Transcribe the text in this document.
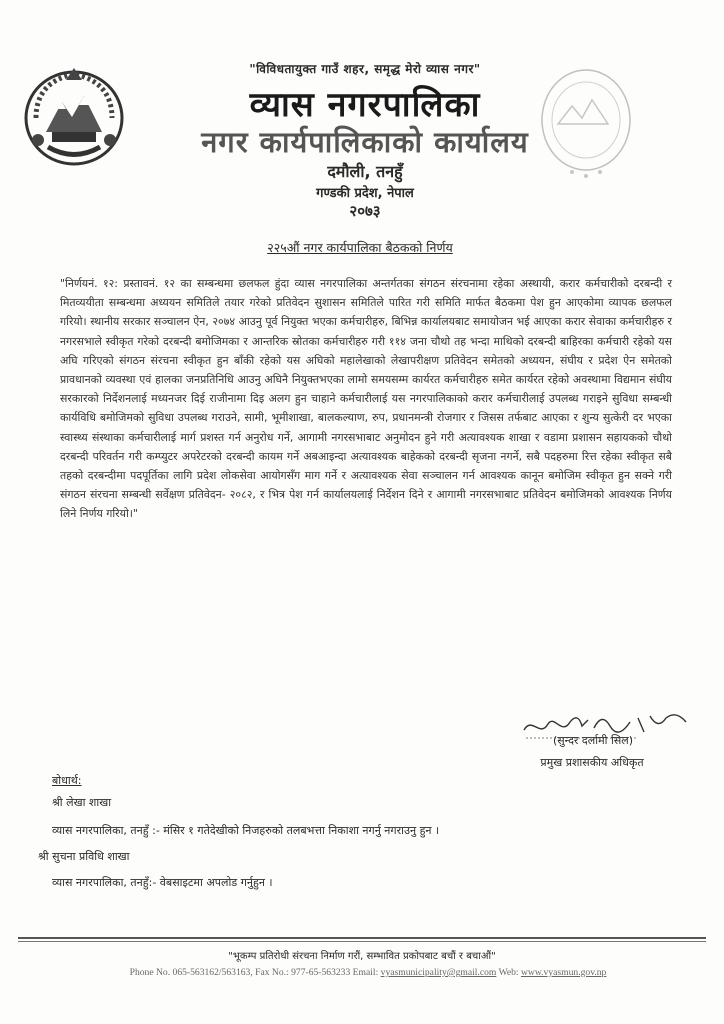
"विविधतायुक्त गाउँ शहर, समृद्ध मेरो व्यास नगर"
व्यास नगरपालिका
नगर कार्यपालिकाको कार्यालय
दमौली, तनहुँ
गण्डकी प्रदेश, नेपाल
२०७३
२२५औं नगर कार्यपालिका बैठकको निर्णय
"निर्णयनं. १२: प्रस्तावनं. १२ का सम्बन्धमा छलफल हुंदा व्यास नगरपालिका अन्तर्गतका संगठन संरचनामा रहेका अस्थायी, करार कर्मचारीको दरबन्दी र मितव्ययीता सम्बन्धमा अध्ययन समितिले तयार गरेको प्रतिवेदन सुशासन समितिले पारित गरी समिति मार्फत बैठकमा पेश हुन आएकोमा व्यापक छलफल गरियो। स्थानीय सरकार सञ्चालन ऐन, २०७४ आउनु पूर्व नियुक्त भएका कर्मचारीहरु, बिभिन्न कार्यालयबाट समायोजन भई आएका करार सेवाका कर्मचारीहरु र नगरसभाले स्वीकृत गरेको दरबन्दी बमोजिमका र आन्तरिक स्रोतका कर्मचारीहरु गरी ११४ जना चौथो तह भन्दा माथिको दरबन्दी बाहिरका कर्मचारी रहेको यस अघि गरिएको संगठन संरचना स्वीकृत हुन बाँकी रहेको यस अघिको महालेखाको लेखापरीक्षण प्रतिवेदन समेतको अध्ययन, संघीय र प्रदेश ऐन समेतको प्रावधानको व्यवस्था एवं हालका जनप्रतिनिधि आउनु अघिनै नियुक्तभएका लामो समयसम्म कार्यरत कर्मचारीहरु समेत कार्यरत रहेको अवस्थामा विद्यमान संघीय सरकारको निर्देशनलाई मध्यनजर दिई राजीनामा दिइ अलग हुन चाहाने कर्मचारीलाई यस नगरपालिकाको करार कर्मचारीलाई उपलब्ध गराइने सुविधा सम्बन्धी कार्यविधि बमोजिमको सुविधा उपलब्ध गराउने, सामी, भूमीशाखा, बालकल्याण, रुप, प्रधानमन्त्री रोजगार र जिसस तर्फबाट आएका र शुन्य सुत्केरी दर भएका स्वास्थ्य संस्थाका कर्मचारीलाई मार्ग प्रशस्त गर्न अनुरोध गर्ने, आगामी नगरसभाबाट अनुमोदन हुने गरी अत्यावश्यक शाखा र वडामा प्रशासन सहायकको चौथो दरबन्दी परिवर्तन गरी कम्प्युटर अपरेटरको दरबन्दी कायम गर्ने अबआइन्दा अत्यावश्यक बाहेकको दरबन्दी सृजना नगर्ने, सबै पदहरुमा रित्त रहेका स्वीकृत सबै तहको दरबन्दीमा पदपूर्तिका लागि प्रदेश लोकसेवा आयोगसँग माग गर्ने र अत्यावश्यक सेवा सञ्चालन गर्न आवश्यक कानून बमोजिम स्वीकृत हुन सक्ने गरी संगठन संरचना सम्बन्धी सर्वेक्षण प्रतिवेदन- २०८२, र भित्र पेश गर्न कार्यालयलाई निर्देशन दिने र आगामी नगरसभाबाट प्रतिवेदन बमोजिमको आवश्यक निर्णय लिने निर्णय गरियो।"
(सुन्दर दर्लामी सिल)
प्रमुख प्रशासकीय अधिकृत
बोधार्थ:
श्री लेखा शाखा
व्यास नगरपालिका, तनहुँ :- मंसिर १ गतेदेखीको निजहरुको तलबभत्ता निकाशा नगर्नु नगराउनु हुन ।
श्री सुचना प्रविधि शाखा
व्यास नगरपालिका, तनहुँ:- वेबसाइटमा अपलोड गर्नुहुन ।
"भूकम्प प्रतिरोधी संरचना निर्माण गरौं, सम्भावित प्रकोपबाट बचौं र बचाऔं"
Phone No. 065-563162/563163, Fax No.: 977-65-563233 Email: vyasmunicipality@gmail.com Web: www.vyasmun.gov.np
